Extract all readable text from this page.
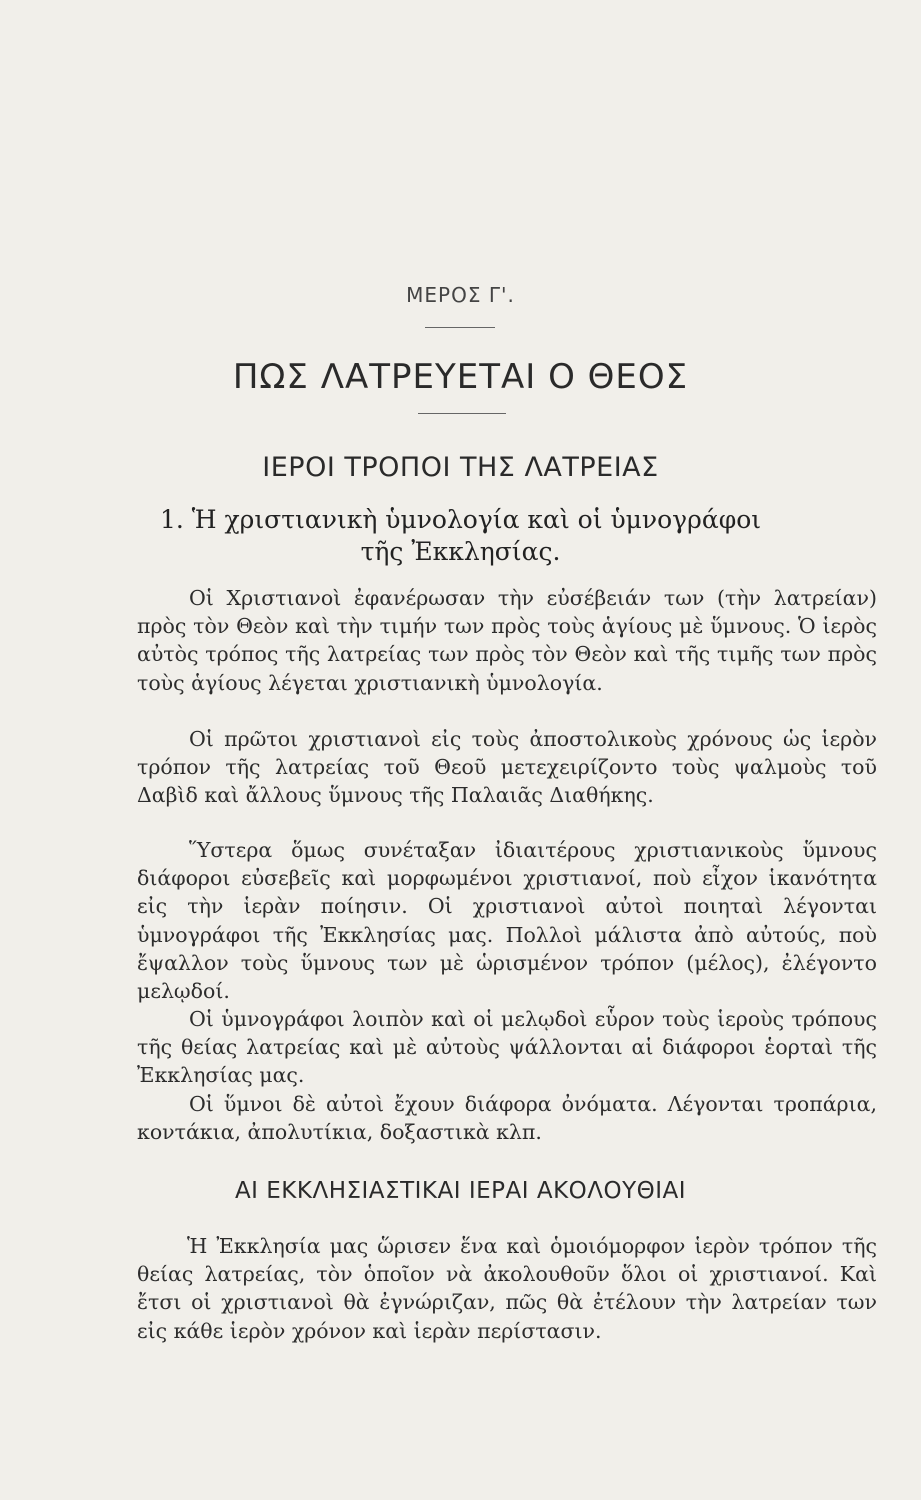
ΜΕΡΟΣ Γ'.
ΠΩΣ ΛΑΤΡΕΥΕΤΑΙ Ο ΘΕΟΣ
ΙΕΡΟΙ ΤΡΟΠΟΙ ΤΗΣ ΛΑΤΡΕΙΑΣ
1. Ἡ χριστιανικὴ ὑμνολογία καὶ οἱ ὑμνογράφοι
τῆς Ἐκκλησίας.

Οἱ Χριστιανοὶ ἐφανέρωσαν τὴν εὐσέβειάν των (τὴν λατρείαν) πρὸς τὸν Θεὸν καὶ τὴν τιμήν των πρὸς τοὺς ἁγίους μὲ ὕμνους. Ὁ ἱερὸς αὐτὸς τρόπος τῆς λατρείας των πρὸς τὸν Θεὸν καὶ τῆς τιμῆς των πρὸς τοὺς ἁγίους λέγεται χριστιανικὴ ὑμνολογία.

Οἱ πρῶτοι χριστιανοὶ εἰς τοὺς ἀποστολικοὺς χρόνους ὡς ἱερὸν τρόπον τῆς λατρείας τοῦ Θεοῦ μετεχειρίζοντο τοὺς ψαλμοὺς τοῦ Δαβὶδ καὶ ἄλλους ὕμνους τῆς Παλαιᾶς Διαθήκης.

Ὕστερα ὅμως συνέταξαν ἰδιαιτέρους χριστιανικοὺς ὕμνους διάφοροι εὐσεβεῖς καὶ μορφωμένοι χριστιανοί, ποὺ εἶχον ἱκανότητα εἰς τὴν ἱερὰν ποίησιν. Οἱ χριστιανοὶ αὐτοὶ ποιηταὶ λέγονται ὑμνογράφοι τῆς Ἐκκλησίας μας. Πολλοὶ μάλιστα ἀπὸ αὐτούς, ποὺ ἔψαλλον τοὺς ὕμνους των μὲ ὡρισμένον τρόπον (μέλος), ἐλέγοντο μελῳδοί.

Οἱ ὑμνογράφοι λοιπὸν καὶ οἱ μελῳδοὶ εὗρον τοὺς ἱεροὺς τρόπους τῆς θείας λατρείας καὶ μὲ αὐτοὺς ψάλλονται αἱ διάφοροι ἑορταὶ τῆς Ἐκκλησίας μας.

Οἱ ὕμνοι δὲ αὐτοὶ ἔχουν διάφορα ὀνόματα. Λέγονται τροπάρια, κοντάκια, ἀπολυτίκια, δοξαστικὰ κλπ.

ΑΙ ΕΚΚΛΗΣΙΑΣΤΙΚΑΙ ΙΕΡΑΙ ΑΚΟΛΟΥΘΙΑΙ

Ἡ Ἐκκλησία μας ὥρισεν ἕνα καὶ ὁμοιόμορφον ἱερὸν τρόπον τῆς θείας λατρείας, τὸν ὁποῖον νὰ ἀκολουθοῦν ὅλοι οἱ χριστιανοί. Καὶ ἔτσι οἱ χριστιανοὶ θὰ ἐγνώριζαν, πῶς θὰ ἐτέλουν τὴν λατρείαν των εἰς κάθε ἱερὸν χρόνον καὶ ἱερὰν περίστασιν.
